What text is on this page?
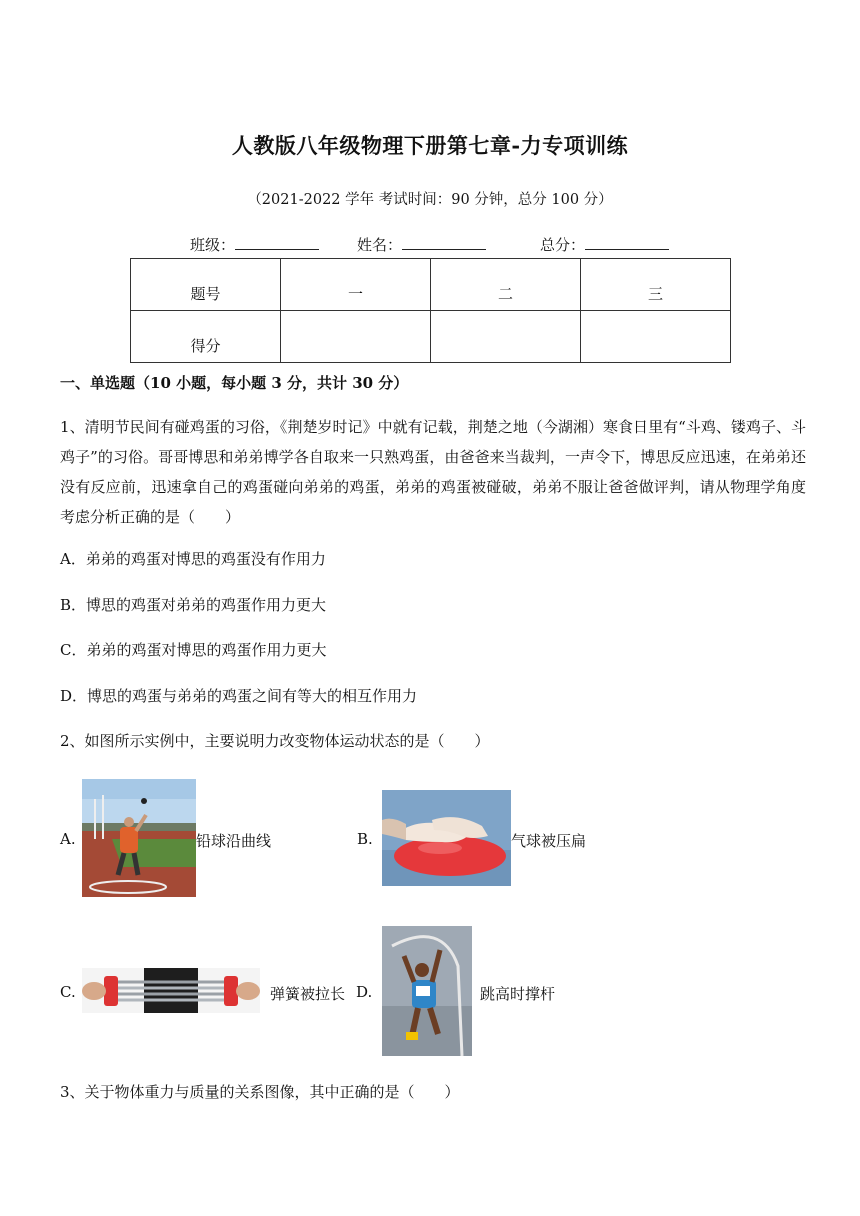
人教版八年级物理下册第七章-力专项训练
（2021-2022 学年 考试时间：90 分钟，总分 100 分）
班级：	姓名：	总分：
题号	一	二	三
得分			
一、单选题（10 小题，每小题 3 分，共计 30 分）
1、清明节民间有碰鸡蛋的习俗，《荆楚岁时记》中就有记载，荆楚之地（今湖湘）寒食日里有“斗鸡、镂鸡子、斗鸡子”的习俗。哥哥博思和弟弟博学各自取来一只熟鸡蛋，由爸爸来当裁判，一声令下，博思反应迅速，在弟弟还没有反应前，迅速拿自己的鸡蛋碰向弟弟的鸡蛋，弟弟的鸡蛋被碰破，弟弟不服让爸爸做评判，请从物理学角度考虑分析正确的是（　　）
A．弟弟的鸡蛋对博思的鸡蛋没有作用力
B．博思的鸡蛋对弟弟的鸡蛋作用力更大
C．弟弟的鸡蛋对博思的鸡蛋作用力更大
D．博思的鸡蛋与弟弟的鸡蛋之间有等大的相互作用力
2、如图所示实例中，主要说明力改变物体运动状态的是（　　）
A.	铅球沿曲线	B.	气球被压扁
C.	弹簧被拉长 D.	跳高时撑杆
3、关于物体重力与质量的关系图像，其中正确的是（　　）
